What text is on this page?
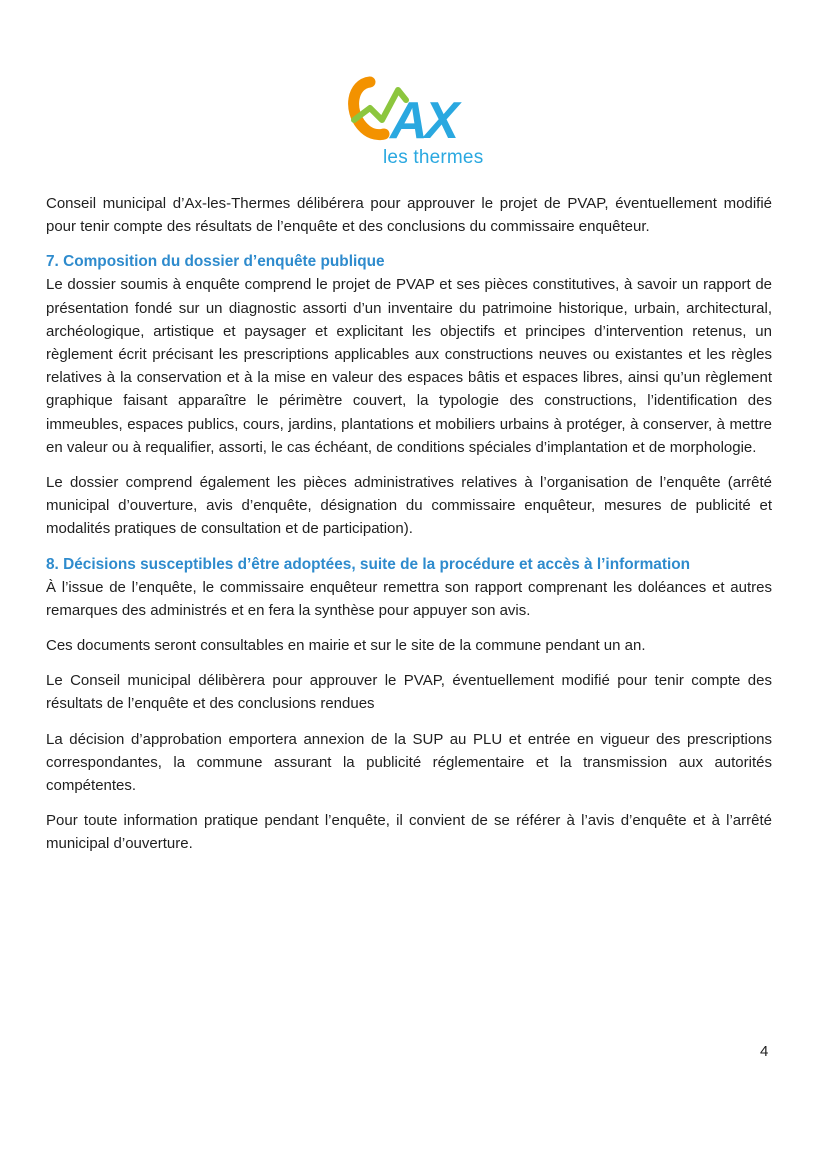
AX
les thermes

Conseil municipal d’Ax-les-Thermes délibérera pour approuver le projet de PVAP, éventuellement modifié pour tenir compte des résultats de l’enquête et des conclusions du commissaire enquêteur.

7. Composition du dossier d’enquête publique

Le dossier soumis à enquête comprend le projet de PVAP et ses pièces constitutives, à savoir un rapport de présentation fondé sur un diagnostic assorti d’un inventaire du patrimoine historique, urbain, architectural, archéologique, artistique et paysager et explicitant les objectifs et principes d’intervention retenus, un règlement écrit précisant les prescriptions applicables aux constructions neuves ou existantes et les règles relatives à la conservation et à la mise en valeur des espaces bâtis et espaces libres, ainsi qu’un règlement graphique faisant apparaître le périmètre couvert, la typologie des constructions, l’identification des immeubles, espaces publics, cours, jardins, plantations et mobiliers urbains à protéger, à conserver, à mettre en valeur ou à requalifier, assorti, le cas échéant, de conditions spéciales d’implantation et de morphologie.

Le dossier comprend également les pièces administratives relatives à l’organisation de l’enquête (arrêté municipal d’ouverture, avis d’enquête, désignation du commissaire enquêteur, mesures de publicité et modalités pratiques de consultation et de participation).

8. Décisions susceptibles d’être adoptées, suite de la procédure et accès à l’information

À l’issue de l’enquête, le commissaire enquêteur remettra son rapport comprenant les doléances et autres remarques des administrés et en fera la synthèse pour appuyer son avis.

Ces documents seront consultables en mairie et sur le site de la commune pendant un an.

Le Conseil municipal délibèrera pour approuver le PVAP, éventuellement modifié pour tenir compte des résultats de l’enquête et des conclusions rendues

La décision d’approbation emportera annexion de la SUP au PLU et entrée en vigueur des prescriptions correspondantes, la commune assurant la publicité réglementaire et la transmission aux autorités compétentes.

Pour toute information pratique pendant l’enquête, il convient de se référer à l’avis d’enquête et à l’arrêté municipal d’ouverture.

4
